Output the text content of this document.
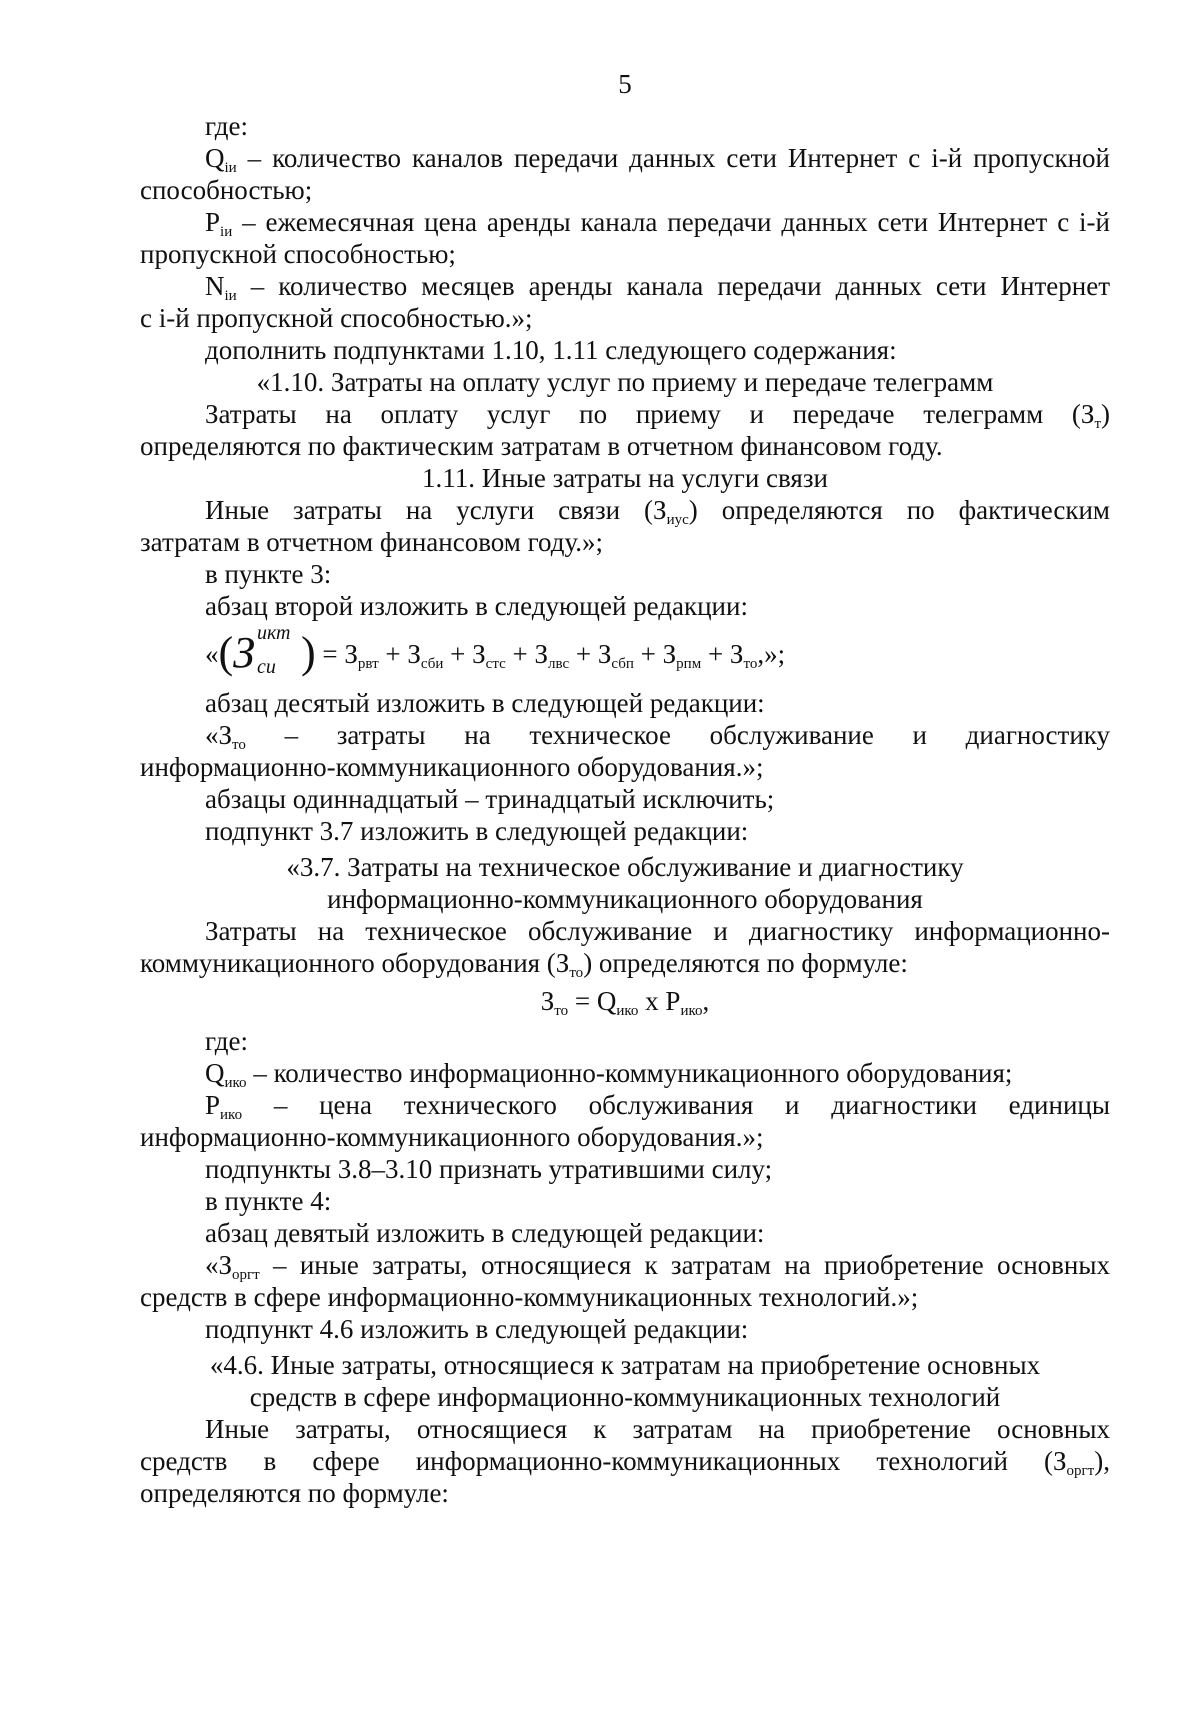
5
где:
$Q_{iи}$ – количество каналов передачи данных сети Интернет с i-й пропускной
способностью;
$P_{iи}$ – ежемесячная цена аренды канала передачи данных сети Интернет с i-й
пропускной способностью;
$N_{iи}$ – количество месяцев аренды канала передачи данных сети Интернет
с i-й пропускной способностью.»;
дополнить подпунктами 1.10, 1.11 следующего содержания:
«1.10. Затраты на оплату услуг по приему и передаче телеграмм
Затраты на оплату услуг по приему и передаче телеграмм $(З_т)$
определяются по фактическим затратам в отчетном финансовом году.
1.11. Иные затраты на услуги связи
Иные затраты на услуги связи $(З_{иус})$ определяются по фактическим
затратам в отчетном финансовом году.»;
в пункте 3:
абзац второй изложить в следующей редакции:
«(З икт
си ) = $З_{рвт} + З_{сби} + З_{стс} + З_{лвс} + З_{сбп} + З_{рпм} + З_{то}$,»;
абзац десятый изложить в следующей редакции:
«$З_{то}$ – затраты на техническое обслуживание и диагностику
информационно-коммуникационного оборудования.»;
абзацы одиннадцатый – тринадцатый исключить;
подпункт 3.7 изложить в следующей редакции:
«3.7. Затраты на техническое обслуживание и диагностику
информационно-коммуникационного оборудования
Затраты на техническое обслуживание и диагностику информационно-
коммуникационного оборудования $(З_{то})$ определяются по формуле:
$З_{то} = Q_{ико}$ x $P_{ико}$,
где:
$Q_{ико}$ – количество информационно-коммуникационного оборудования;
$P_{ико}$ – цена технического обслуживания и диагностики единицы
информационно-коммуникационного оборудования.»;
подпункты 3.8–3.10 признать утратившими силу;
в пункте 4:
абзац девятый изложить в следующей редакции:
«$З_{оргт}$ – иные затраты, относящиеся к затратам на приобретение основных
средств в сфере информационно-коммуникационных технологий.»;
подпункт 4.6 изложить в следующей редакции:
«4.6. Иные затраты, относящиеся к затратам на приобретение основных
средств в сфере информационно-коммуникационных технологий
Иные затраты, относящиеся к затратам на приобретение основных
средств в сфере информационно-коммуникационных технологий $(З_{оргт})$,
определяются по формуле:
